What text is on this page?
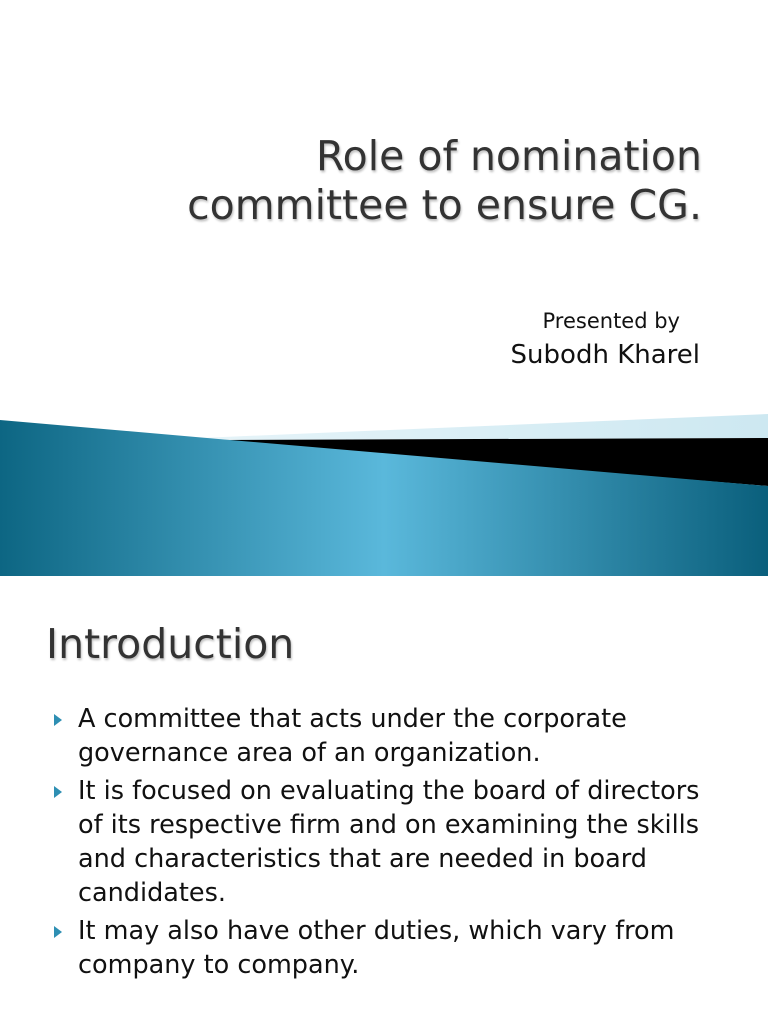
Role of nomination
committee to ensure CG.
Presented by
Subodh Kharel
Introduction
A committee that acts under the corporate governance area of an organization.
It is focused on evaluating the board of directors of its respective firm and on examining the skills and characteristics that are needed in board candidates.
It may also have other duties, which vary from company to company.
